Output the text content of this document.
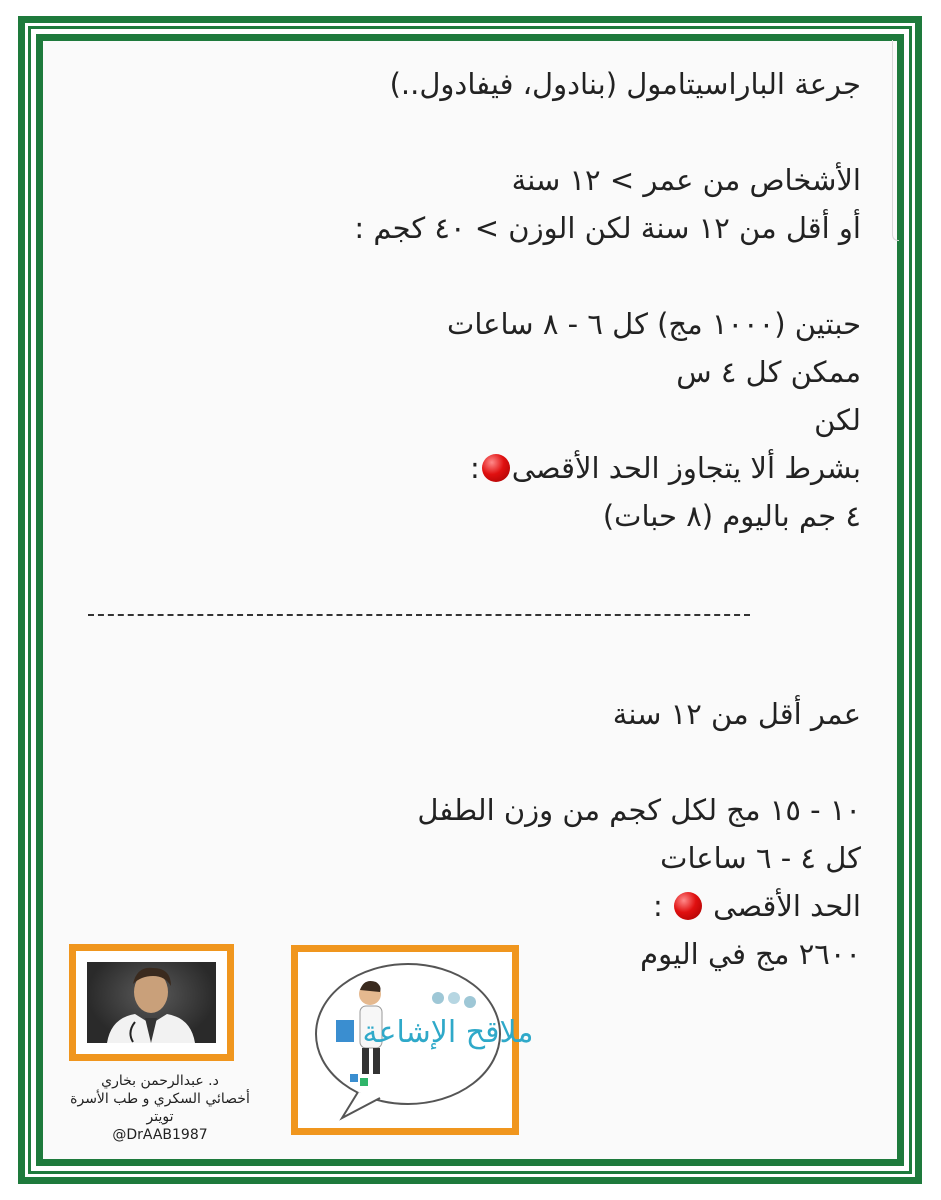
جرعة الباراسيتامول (بنادول، فيفادول..)
الأشخاص من عمر > ١٢ سنة
أو أقل من ١٢ سنة لكن الوزن > ٤٠ كجم :
حبتين (١٠٠٠ مج) كل ٦ - ٨ ساعات
ممكن كل ٤ س
لكن
بشرط ألا يتجاوز الحد الأقصى:
٤ جم باليوم (٨ حبات)
عمر أقل من ١٢ سنة
١٠ - ١٥ مج لكل كجم من وزن الطفل
كل ٤ - ٦ ساعات
الحد الأقصى  :
٢٦٠٠ مج في اليوم
د. عبدالرحمن بخاري
أخصائي السكري و طب الأسرة
تويتر
@DrAAB1987
ملاقح الإشاعة
